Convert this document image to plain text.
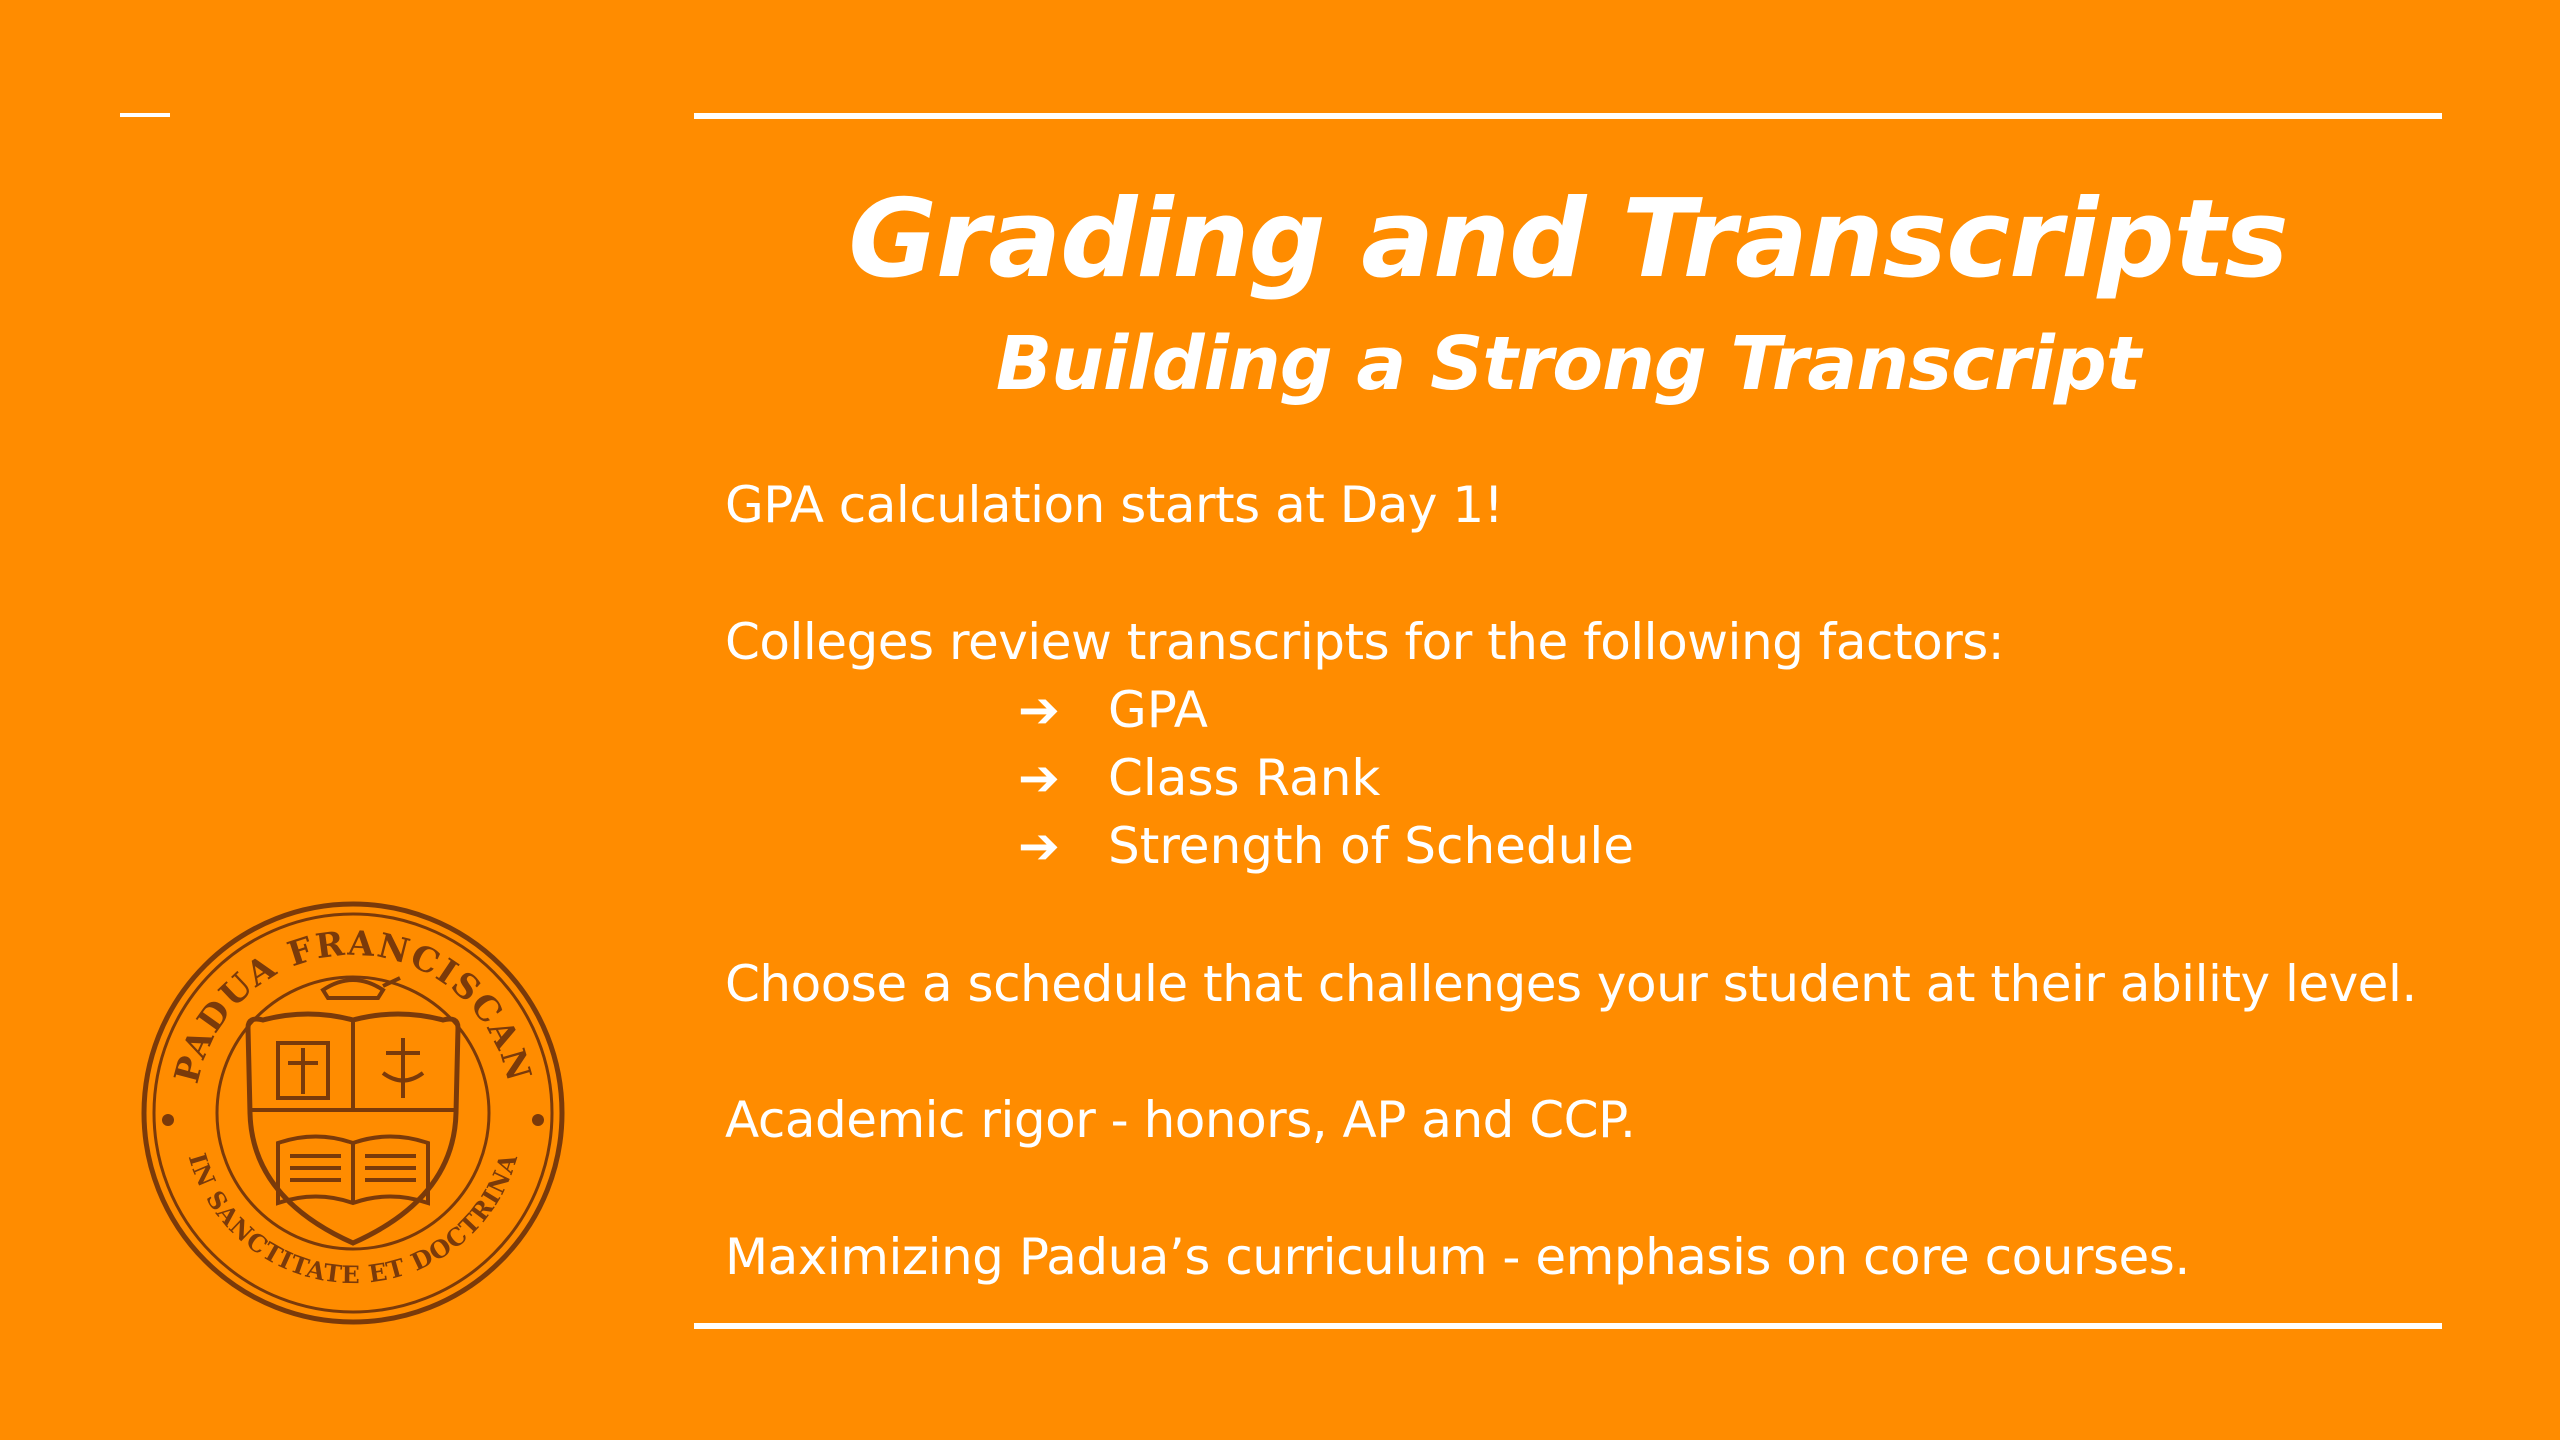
Grading and Transcripts
Building a Strong Transcript
GPA calculation starts at Day 1!
Colleges review transcripts for the following factors:
➔ GPA
➔ Class Rank
➔ Strength of Schedule
Choose a schedule that challenges your student at their ability level.
Academic rigor - honors, AP and CCP.
Maximizing Padua’s curriculum - emphasis on core courses.
PADUA FRANCISCAN
IN SANCTITATE ET DOCTRINA
